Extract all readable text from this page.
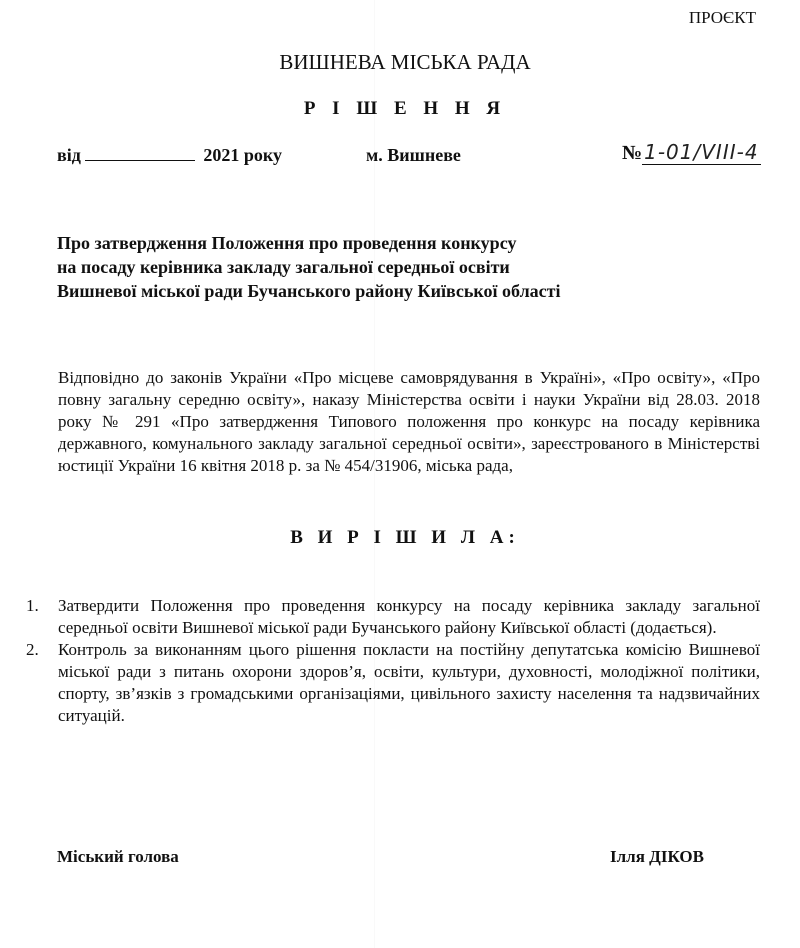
ПРОЄКТ
ВИШНЕВА МІСЬКА РАДА
Р І Ш Е Н Н Я
від	2021 року	м. Вишневе	№ 1-01/VIII-4
Про затвердження Положення про проведення конкурсу
на посаду керівника закладу загальної середньої освіти
Вишневої міської ради Бучанського району Київської області
Відповідно до законів України «Про місцеве самоврядування в Україні», «Про освіту», «Про повну загальну середню освіту», наказу Міністерства освіти і науки України від 28.03. 2018 року № 291 «Про затвердження Типового положення про конкурс на посаду керівника державного, комунального закладу загальної середньої освіти», зареєстрованого в Міністерстві юстиції України 16 квітня 2018 р. за № 454/31906, міська рада,
В И Р І Ш И Л А:
1.	Затвердити Положення про проведення конкурсу на посаду керівника закладу загальної середньої освіти Вишневої міської ради Бучанського району Київської області (додається).
2.	Контроль за виконанням цього рішення покласти на постійну депутатська комісію Вишневої міської ради з питань охорони здоров’я, освіти, культури, духовності, молодіжної політики, спорту, зв’язків з громадськими організаціями, цивільного захисту населення та надзвичайних ситуацій.
Міський голова	Ілля ДІКОВ
